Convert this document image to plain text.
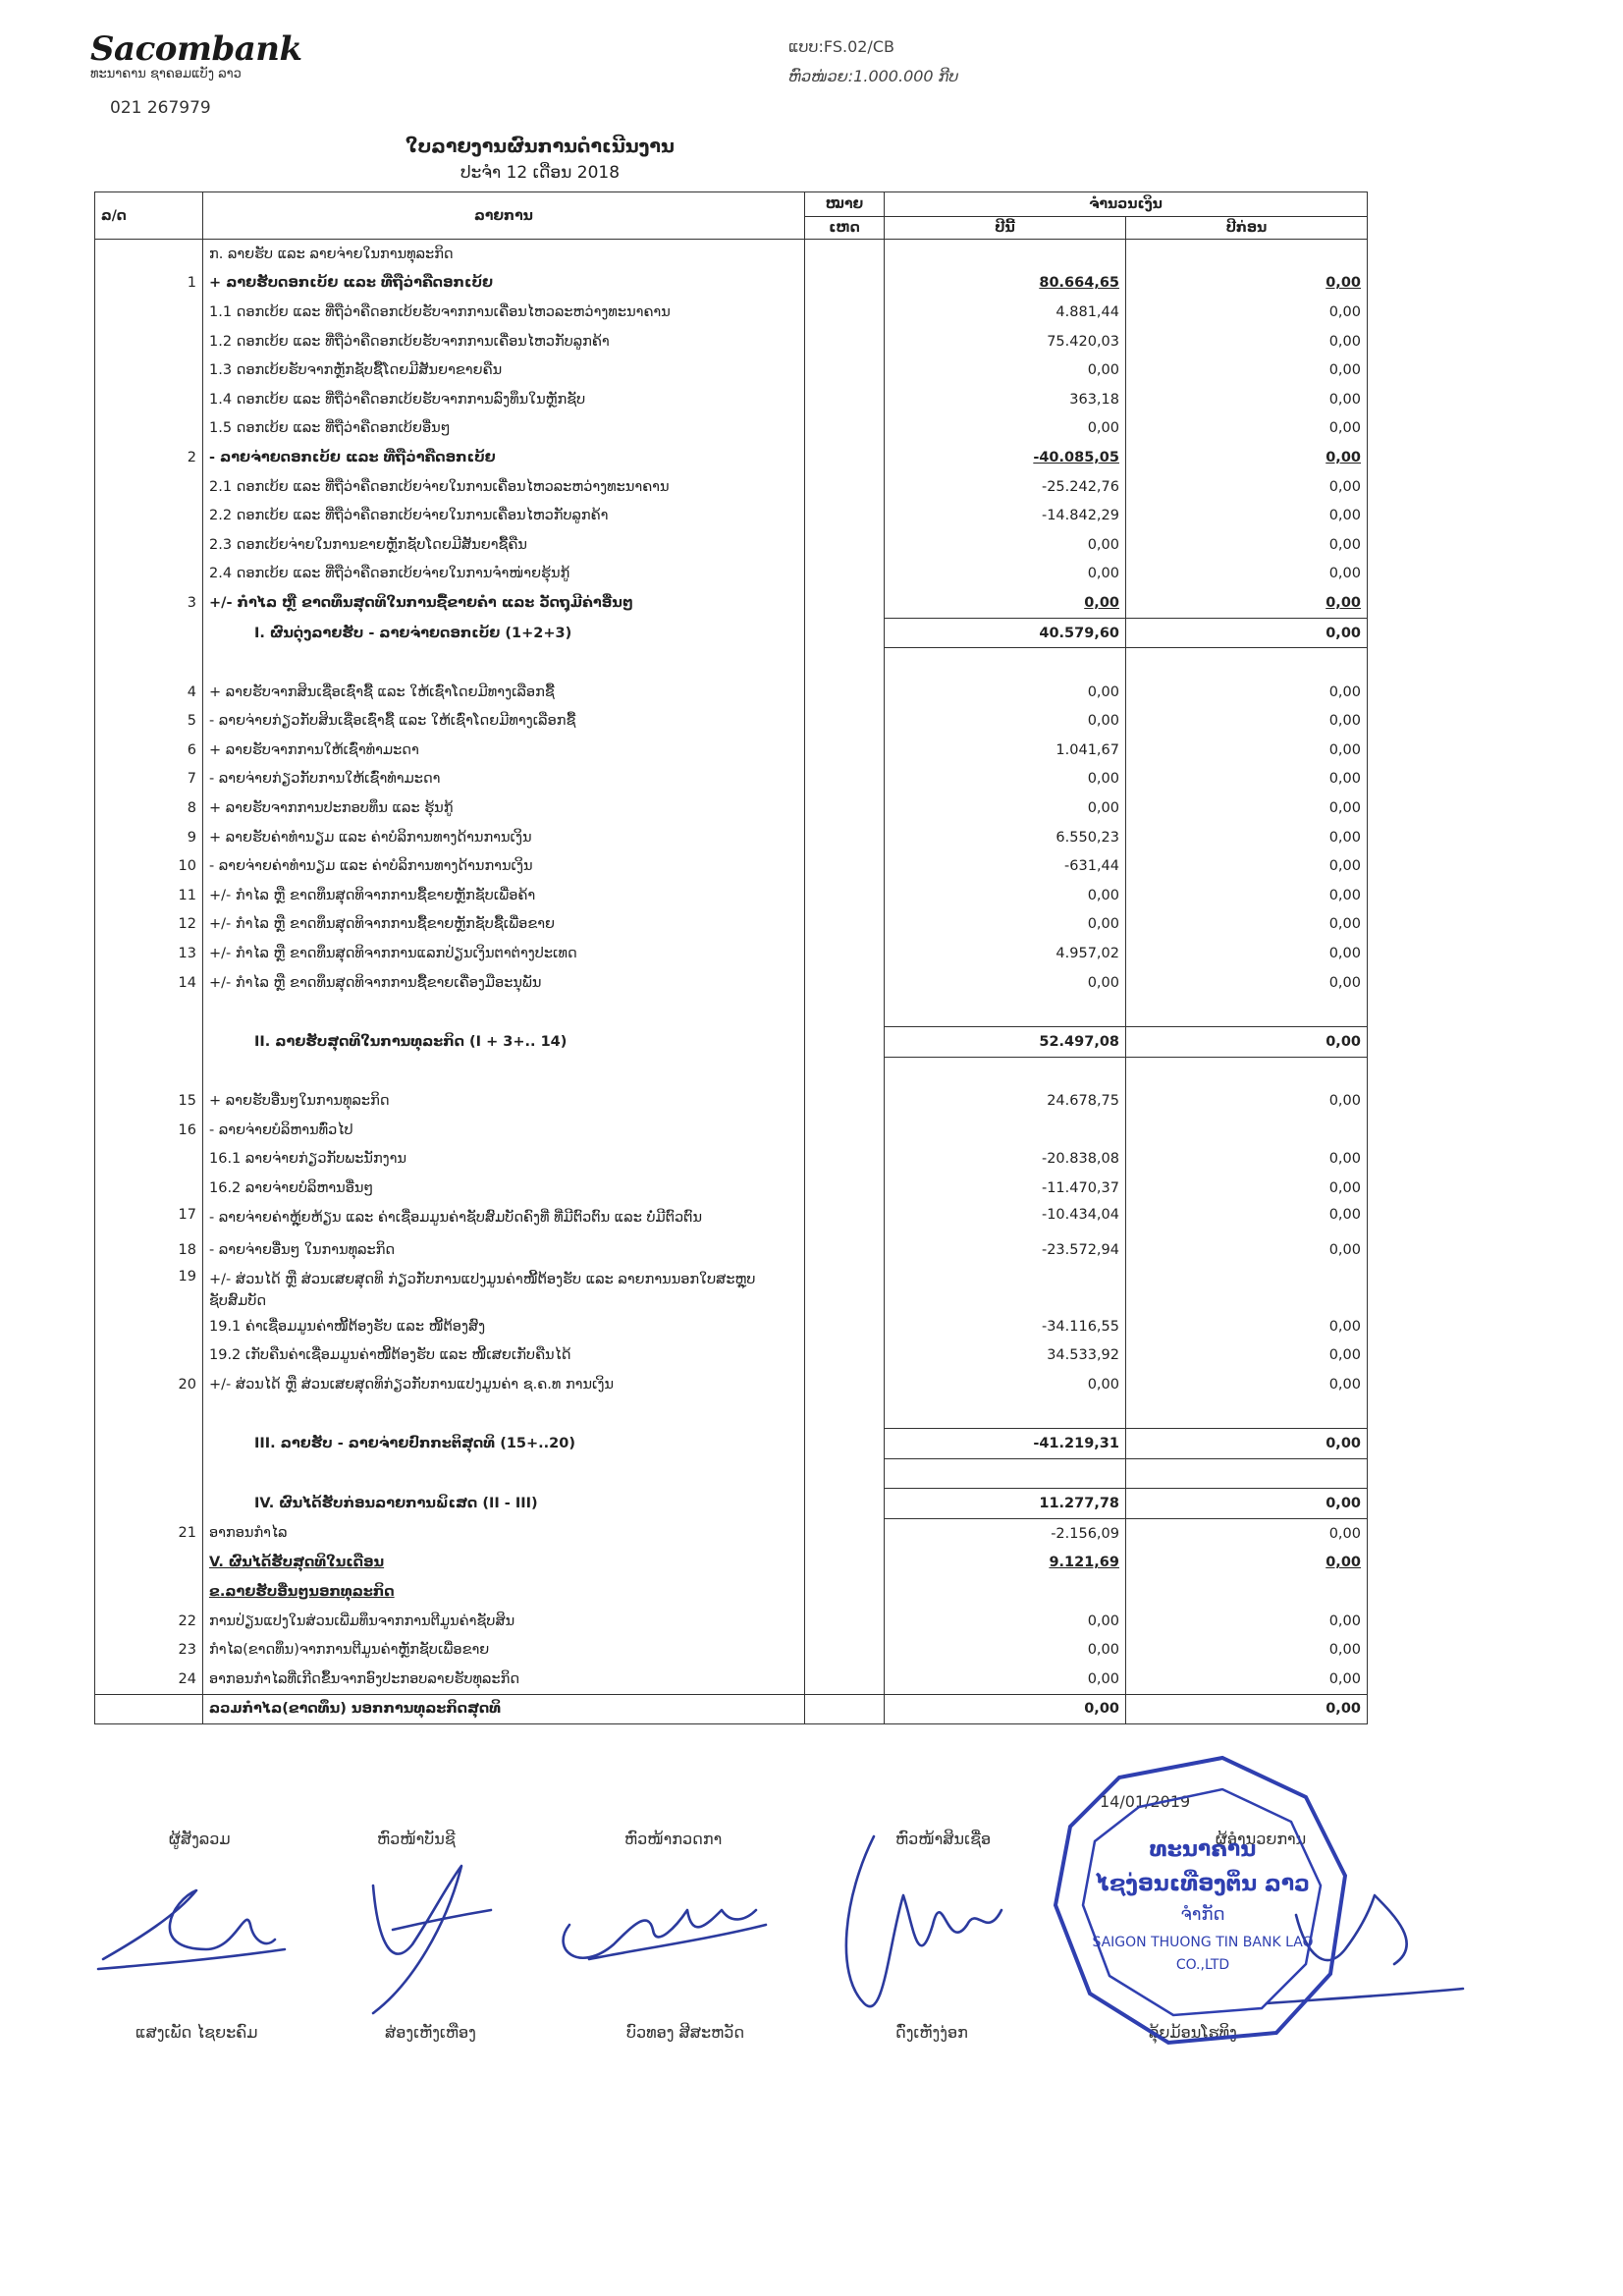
Sacombank
ທະນາຄານ ຊາຄອມແບັງ ລາວ
021 267979
ແບບ:FS.02/CB
ຫົວໜ່ວຍ:1.000.000 ກີບ
ໃບລາຍງານຜົນການດຳເນີນງານ
ປະຈຳ 12 ເດືອນ 2018
ລ/ດ	ລາຍການ	ໝາຍ	ຈຳນວນເງິນ	
		ເຫດ	ປີນີ້	ປີກ່ອນ
	ກ. ລາຍຮັບ ແລະ ລາຍຈ່າຍໃນການທຸລະກິດ			
1	+ ລາຍຮັບດອກເບ້ຍ ແລະ ທີ່ຖືວ່າຄືດອກເບ້ຍ		80.664,65	0,00
	1.1 ດອກເບ້ຍ ແລະ ທີ່ຖືວ່າຄືດອກເບ້ຍຮັບຈາກການເຄື່ອນໄຫວລະຫວ່າງທະນາຄານ		4.881,44	0,00
	1.2 ດອກເບ້ຍ ແລະ ທີ່ຖືວ່າຄືດອກເບ້ຍຮັບຈາກການເຄື່ອນໄຫວກັບລູກຄ້າ		75.420,03	0,00
	1.3 ດອກເບ້ຍຮັບຈາກຫຼັກຊັບຊື້ໂດຍມີສັນຍາຂາຍຄືນ		0,00	0,00
	1.4 ດອກເບ້ຍ ແລະ ທີ່ຖືວ່າຄືດອກເບ້ຍຮັບຈາກການລົງທຶນໃນຫຼັກຊັບ		363,18	0,00
	1.5 ດອກເບ້ຍ ແລະ ທີ່ຖືວ່າຄືດອກເບ້ຍອື່ນໆ		0,00	0,00
2	- ລາຍຈ່າຍດອກເບ້ຍ ແລະ ທີ່ຖືວ່າຄືດອກເບ້ຍ		-40.085,05	0,00
	2.1 ດອກເບ້ຍ ແລະ ທີ່ຖືວ່າຄືດອກເບ້ຍຈ່າຍໃນການເຄື່ອນໄຫວລະຫວ່າງທະນາຄານ		-25.242,76	0,00
	2.2 ດອກເບ້ຍ ແລະ ທີ່ຖືວ່າຄືດອກເບ້ຍຈ່າຍໃນການເຄື່ອນໄຫວກັບລູກຄ້າ		-14.842,29	0,00
	2.3 ດອກເບ້ຍຈ່າຍໃນການຂາຍຫຼັກຊັບໂດຍມີສັນຍາຊື້ຄືນ		0,00	0,00
	2.4 ດອກເບ້ຍ ແລະ ທີ່ຖືວ່າຄືດອກເບ້ຍຈ່າຍໃນການຈຳໜ່າຍຮຸ້ນກູ້		0,00	0,00
3	+/- ກຳໄລ ຫຼື ຂາດທຶນສຸດທິໃນການຊື້ຂາຍຄຳ ແລະ ວັດຖຸມີຄ່າອື່ນໆ		0,00	0,00
	I. ຜົນດຸ່ງລາຍຮັບ - ລາຍຈ່າຍດອກເບ້ຍ (1+2+3)		40.579,60	0,00

4	+ ລາຍຮັບຈາກສິນເຊື່ອເຊົ່າຊື້ ແລະ ໃຫ້ເຊົ່າໂດຍມີທາງເລືອກຊື້		0,00	0,00
5	- ລາຍຈ່າຍກ່ຽວກັບສິນເຊື່ອເຊົ່າຊື້ ແລະ ໃຫ້ເຊົ່າໂດຍມີທາງເລືອກຊື້		0,00	0,00
6	+ ລາຍຮັບຈາກການໃຫ້ເຊົ່າທຳມະດາ		1.041,67	0,00
7	- ລາຍຈ່າຍກ່ຽວກັບການໃຫ້ເຊົ່າທຳມະດາ		0,00	0,00
8	+ ລາຍຮັບຈາກການປະກອບທຶນ ແລະ ຮຸ້ນກູ້		0,00	0,00
9	+ ລາຍຮັບຄ່າທຳນຽມ ແລະ ຄ່າບໍລິການທາງດ້ານການເງິນ		6.550,23	0,00
10	- ລາຍຈ່າຍຄ່າທຳນຽມ ແລະ ຄ່າບໍລິການທາງດ້ານການເງິນ		-631,44	0,00
11	+/- ກຳໄລ ຫຼື ຂາດທຶນສຸດທິຈາກການຊື້ຂາຍຫຼັກຊັບເພື່ອຄ້າ		0,00	0,00
12	+/- ກຳໄລ ຫຼື ຂາດທຶນສຸດທິຈາກການຊື້ຂາຍຫຼັກຊັບຊື້ເພື່ອຂາຍ		0,00	0,00
13	+/- ກຳໄລ ຫຼື ຂາດທຶນສຸດທິຈາກການແລກປ່ຽນເງິນຕາຕ່າງປະເທດ		4.957,02	0,00
14	+/- ກຳໄລ ຫຼື ຂາດທຶນສຸດທິຈາກການຊື້ຂາຍເຄື່ອງມືອະນຸພັນ		0,00	0,00

	II. ລາຍຮັບສຸດທິໃນການທຸລະກິດ (I + 3+.. 14)		52.497,08	0,00

15	+ ລາຍຮັບອື່ນໆໃນການທຸລະກິດ		24.678,75	0,00
16	- ລາຍຈ່າຍບໍລິຫານທົ່ວໄປ			
	16.1 ລາຍຈ່າຍກ່ຽວກັບພະນັກງານ		-20.838,08	0,00
	16.2 ລາຍຈ່າຍບໍລິຫານອື່ນໆ		-11.470,37	0,00
17	- ລາຍຈ່າຍຄ່າຫຼຸ້ຍຫ້ຽນ ແລະ ຄ່າເຊື່ອມມູນຄ່າຊັບສົມບັດຄົງທີ່ ທີ່ມີຕົວຕົນ ແລະ ບໍ່ມີຕົວຕົນ		-10.434,04	0,00
18	- ລາຍຈ່າຍອື່ນໆ ໃນການທຸລະກິດ		-23.572,94	0,00
19	+/- ສ່ວນໄດ້ ຫຼື ສ່ວນເສຍສຸດທິ ກ່ຽວກັບການແປງມູນຄ່າໜີ້ຕ້ອງຮັບ ແລະ ລາຍການນອກໃບສະຫຼຸບຊັບສົມບັດ			
	19.1 ຄ່າເຊື່ອມມູນຄ່າໜີ້ຕ້ອງຮັບ ແລະ ໜີ້ຕ້ອງສົງ		-34.116,55	0,00
	19.2 ເກັບຄືນຄ່າເຊື່ອມມູນຄ່າໜີ້ຕ້ອງຮັບ ແລະ ໜີ້ເສຍເກັບຄືນໄດ້		34.533,92	0,00
20	+/- ສ່ວນໄດ້ ຫຼື ສ່ວນເສຍສຸດທິກ່ຽວກັບການແປງມູນຄ່າ ຊ.ຄ.ທ ການເງິນ		0,00	0,00

	III. ລາຍຮັບ - ລາຍຈ່າຍປົກກະຕິສຸດທິ (15+..20)		-41.219,31	0,00

	IV. ຜົນໄດ້ຮັບກ່ອນລາຍການພິເສດ (II - III)		11.277,78	0,00
21	ອາກອນກຳໄລ		-2.156,09	0,00
	V. ຜົນໄດ້ຮັບສຸດທິໃນເດືອນ		9.121,69	0,00
	ຂ.ລາຍຮັບອື່ນໆນອກທຸລະກິດ			
22	ການປ່ຽນແປງໃນສ່ວນເພີ່ມທຶນຈາກການຕີມູນຄ່າຊັບສິນ		0,00	0,00
23	ກຳໄລ(ຂາດທຶນ)ຈາກການຕີມູນຄ່າຫຼັກຊັບເພື່ອຂາຍ		0,00	0,00
24	ອາກອນກຳໄລທີ່ເກີດຂຶ້ນຈາກອົງປະກອບລາຍຮັບທຸລະກິດ		0,00	0,00
	ລວມກຳໄລ(ຂາດທຶນ) ນອກການທຸລະກິດສຸດທິ		0,00	0,00
14/01/2019
ຜູ້ສັງລວມ	ຫົວໜ້າບັນຊີ	ຫົວໜ້າກວດກາ	ຫົວໜ້າສິນເຊື່ອ	ຜູ້ອຳນວຍການ
ແສງເພັດ ໄຊຍະຄົມ	ສ່ອງເຫັງເຫືອງ	ບົວທອງ ສີສະຫວັດ	ດົ່ງເຫັງງ່ອກ	ລຸ້ຍມ້ອນໂຮທິງ
ທະນາຄານ
ໄຊງ່ອນເທືອງຕິ່ນ ລາວ
ຈຳກັດ
SAIGON THUONG TIN BANK LAO
CO.,LTD
